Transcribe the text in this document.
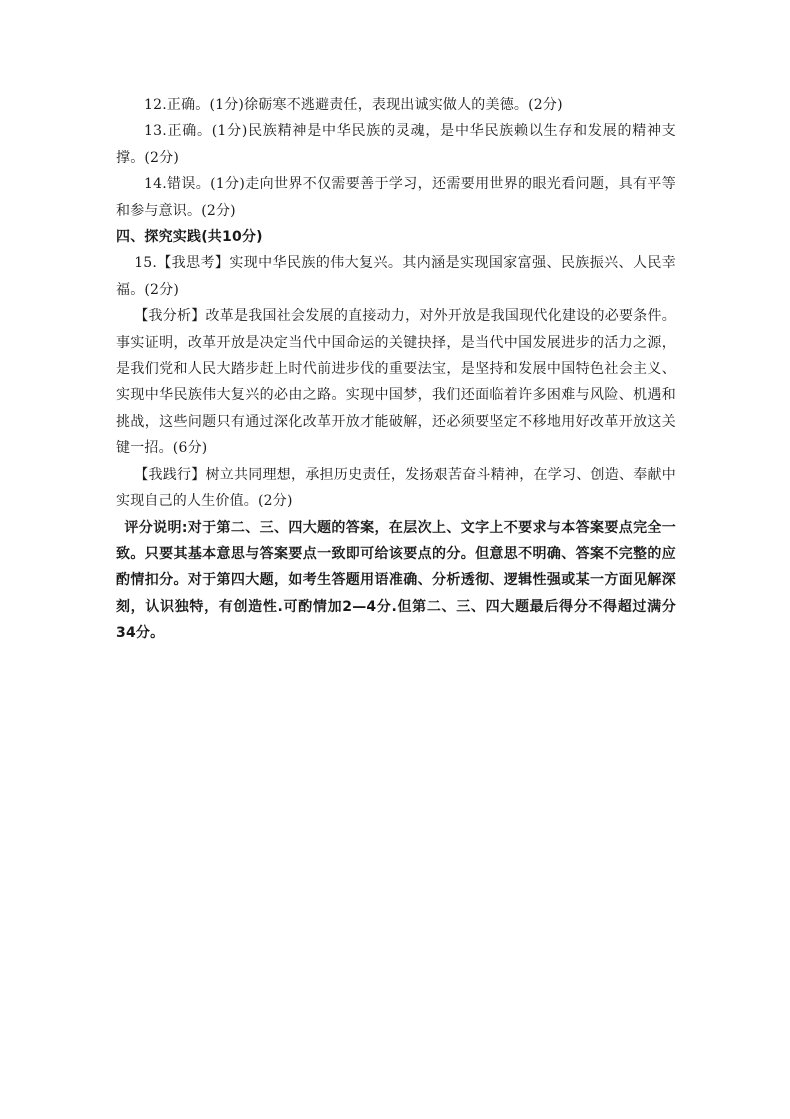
12.正确。(1分)徐砺寒不逃避责任，表现出诚实做人的美德。(2分)

13.正确。(1分)民族精神是中华民族的灵魂，是中华民族赖以生存和发展的精神支撑。(2分)

14.错误。(1分)走向世界不仅需要善于学习，还需要用世界的眼光看问题，具有平等和参与意识。(2分)

四、探究实践(共10分)

15.【我思考】实现中华民族的伟大复兴。其内涵是实现国家富强、民族振兴、人民幸福。(2分)

【我分析】改革是我国社会发展的直接动力，对外开放是我国现代化建设的必要条件。事实证明，改革开放是决定当代中国命运的关键抉择，是当代中国发展进步的活力之源，是我们党和人民大踏步赶上时代前进步伐的重要法宝，是坚持和发展中国特色社会主义、实现中华民族伟大复兴的必由之路。实现中国梦，我们还面临着许多困难与风险、机遇和挑战，这些问题只有通过深化改革开放才能破解，还必须要坚定不移地用好改革开放这关键一招。(6分)

【我践行】树立共同理想，承担历史责任，发扬艰苦奋斗精神，在学习、创造、奉献中实现自己的人生价值。(2分)

评分说明:对于第二、三、四大题的答案，在层次上、文字上不要求与本答案要点完全一致。只要其基本意思与答案要点一致即可给该要点的分。但意思不明确、答案不完整的应酌情扣分。对于第四大题，如考生答题用语准确、分析透彻、逻辑性强或某一方面见解深刻，认识独特，有创造性.可酌情加2—4分.但第二、三、四大题最后得分不得超过满分34分。
